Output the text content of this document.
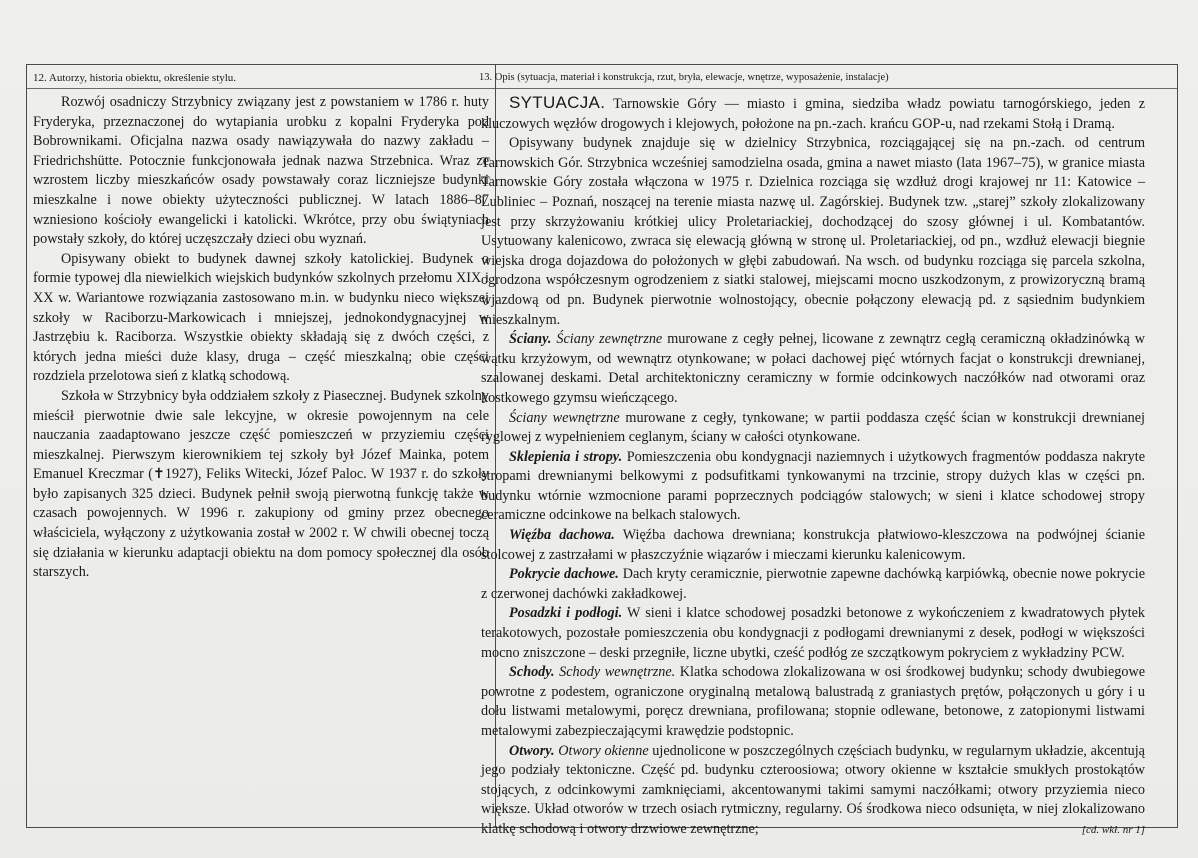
12. Autorzy, historia obiektu, określenie stylu.	13. Opis (sytuacja, materiał i konstrukcja, rzut, bryła, elewacje, wnętrze, wyposażenie, instalacje)

Rozwój osadniczy Strzybnicy związany jest z powstaniem w 1786 r. huty Fryderyka, przeznaczonej do wytapiania urobku z kopalni Fryderyka pod Bobrownikami. Oficjalna nazwa osady nawiązywała do nazwy zakładu – Friedrichshütte. Potocznie funkcjonowała jednak nazwa Strzebnica. Wraz ze wzrostem liczby mieszkańców osady powstawały coraz liczniejsze budynki mieszkalne i nowe obiekty użyteczności publicznej. W latach 1886–87 wzniesiono kościoły ewangelicki i katolicki. Wkrótce, przy obu świątyniach powstały szkoły, do której uczęszczały dzieci obu wyznań.

Opisywany obiekt to budynek dawnej szkoły katolickiej. Budynek o formie typowej dla niewielkich wiejskich budynków szkolnych przełomu XIX i XX w. Wariantowe rozwiązania zastosowano m.in. w budynku nieco większej szkoły w Raciborzu-Markowicach i mniejszej, jednokondygnacyjnej w Jastrzębiu k. Raciborza. Wszystkie obiekty składają się z dwóch części, z których jedna mieści duże klasy, druga – część mieszkalną; obie części rozdziela przelotowa sień z klatką schodową.

Szkoła w Strzybnicy była oddziałem szkoły z Piasecznej. Budynek szkolny mieścił pierwotnie dwie sale lekcyjne, w okresie powojennym na cele nauczania zaadaptowano jeszcze część pomieszczeń w przyziemiu części mieszkalnej. Pierwszym kierownikiem tej szkoły był Józef Mainka, potem Emanuel Kreczmar (✝1927), Feliks Witecki, Józef Paloc. W 1937 r. do szkoły było zapisanych 325 dzieci. Budynek pełnił swoją pierwotną funkcję także w czasach powojennych. W 1996 r. zakupiony od gminy przez obecnego właściciela, wyłączony z użytkowania został w 2002 r. W chwili obecnej toczą się działania w kierunku adaptacji obiektu na dom pomocy społecznej dla osób starszych.

SYTUACJA. Tarnowskie Góry — miasto i gmina, siedziba władz powiatu tarnogórskiego, jeden z kluczowych węzłów drogowych i klejowych, położone na pn.-zach. krańcu GOP-u, nad rzekami Stołą i Dramą.

Opisywany budynek znajduje się w dzielnicy Strzybnica, rozciągającej się na pn.-zach. od centrum Tarnowskich Gór. Strzybnica wcześniej samodzielna osada, gmina a nawet miasto (lata 1967–75), w granice miasta Tarnowskie Góry została włączona w 1975 r. Dzielnica rozciąga się wzdłuż drogi krajowej nr 11: Katowice – Lubliniec – Poznań, noszącej na terenie miasta nazwę ul. Zagórskiej. Budynek tzw. „starej” szkoły zlokalizowany jest przy skrzyżowaniu krótkiej ulicy Proletariackiej, dochodzącej do szosy głównej i ul. Kombatantów. Usytuowany kalenicowo, zwraca się elewacją główną w stronę ul. Proletariackiej, od pn., wzdłuż elewacji biegnie wiejska droga dojazdowa do położonych w głębi zabudowań. Na wsch. od budynku rozciąga się parcela szkolna, ogrodzona współczesnym ogrodzeniem z siatki stalowej, miejscami mocno uszkodzonym, z prowizoryczną bramą wjazdową od pn. Budynek pierwotnie wolnostojący, obecnie połączony elewacją pd. z sąsiednim budynkiem mieszkalnym.

Ściany. Ściany zewnętrzne murowane z cegły pełnej, licowane z zewnątrz cegłą ceramiczną okładzinówką w wątku krzyżowym, od wewnątrz otynkowane; w połaci dachowej pięć wtórnych facjat o konstrukcji drewnianej, szalowanej deskami. Detal architektoniczny ceramiczny w formie odcinkowych naczółków nad otworami oraz kostkowego gzymsu wieńczącego.

Ściany wewnętrzne murowane z cegły, tynkowane; w partii poddasza część ścian w konstrukcji drewnianej ryglowej z wypełnieniem ceglanym, ściany w całości otynkowane.

Sklepienia i stropy. Pomieszczenia obu kondygnacji naziemnych i użytkowych fragmentów poddasza nakryte stropami drewnianymi belkowymi z podsufitkami tynkowanymi na trzcinie, stropy dużych klas w części pn. budynku wtórnie wzmocnione parami poprzecznych podciągów stalowych; w sieni i klatce schodowej stropy ceramiczne odcinkowe na belkach stalowych.

Więźba dachowa. Więźba dachowa drewniana; konstrukcja płatwiowo-kleszczowa na podwójnej ścianie stolcowej z zastrzałami w płaszczyźnie wiązarów i mieczami kierunku kalenicowym.

Pokrycie dachowe. Dach kryty ceramicznie, pierwotnie zapewne dachówką karpiówką, obecnie nowe pokrycie z czerwonej dachówki zakładkowej.

Posadzki i podłogi. W sieni i klatce schodowej posadzki betonowe z wykończeniem z kwadratowych płytek terakotowych, pozostałe pomieszczenia obu kondygnacji z podłogami drewnianymi z desek, podłogi w większości mocno zniszczone – deski przegniłe, liczne ubytki, cześć podłóg ze szczątkowym pokryciem z wykładziny PCW.

Schody. Schody wewnętrzne. Klatka schodowa zlokalizowana w osi środkowej budynku; schody dwubiegowe powrotne z podestem, ograniczone oryginalną metalową balustradą z graniastych prętów, połączonych u góry i u dołu listwami metalowymi, poręcz drewniana, profilowana; stopnie odlewane, betonowe, z zatopionymi listwami metalowymi zabezpieczającymi krawędzie podstopnic.

Otwory. Otwory okienne ujednolicone w poszczególnych częściach budynku, w regularnym układzie, akcentują jego podziały tektoniczne. Część pd. budynku czteroosiowa; otwory okienne w kształcie smukłych prostokątów stojących, z odcinkowymi zamknięciami, akcentowanymi takimi samymi naczółkami; otwory przyziemia nieco większe. Układ otworów w trzech osiach rytmiczny, regularny. Oś środkowa nieco odsunięta, w niej zlokalizowano klatkę schodową i otwory drzwiowe zewnętrzne;	[cd. wkł. nr 1]
